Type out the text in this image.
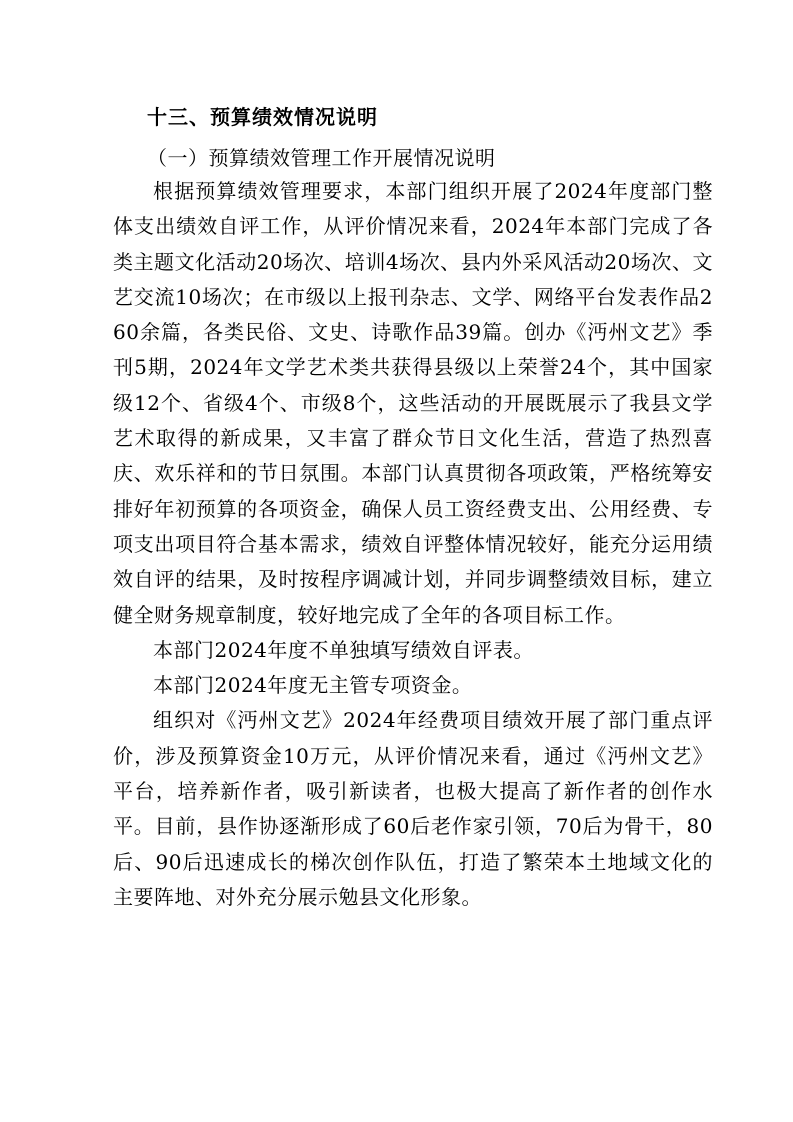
十三、预算绩效情况说明
（一）预算绩效管理工作开展情况说明

根据预算绩效管理要求，本部门组织开展了2024年度部门整体支出绩效自评工作，从评价情况来看，2024年本部门完成了各类主题文化活动20场次、培训4场次、县内外采风活动20场次、文艺交流10场次；在市级以上报刊杂志、文学、网络平台发表作品260余篇，各类民俗、文史、诗歌作品39篇。创办《沔州文艺》季刊5期，2024年文学艺术类共获得县级以上荣誉24个，其中国家级12个、省级4个、市级8个，这些活动的开展既展示了我县文学艺术取得的新成果，又丰富了群众节日文化生活，营造了热烈喜庆、欢乐祥和的节日氛围。本部门认真贯彻各项政策，严格统筹安排好年初预算的各项资金，确保人员工资经费支出、公用经费、专项支出项目符合基本需求，绩效自评整体情况较好，能充分运用绩效自评的结果，及时按程序调减计划，并同步调整绩效目标，建立健全财务规章制度，较好地完成了全年的各项目标工作。

本部门2024年度不单独填写绩效自评表。

本部门2024年度无主管专项资金。

组织对《沔州文艺》2024年经费项目绩效开展了部门重点评价，涉及预算资金10万元，从评价情况来看，通过《沔州文艺》平台，培养新作者，吸引新读者，也极大提高了新作者的创作水平。目前，县作协逐渐形成了60后老作家引领，70后为骨干，80后、90后迅速成长的梯次创作队伍，打造了繁荣本土地域文化的主要阵地、对外充分展示勉县文化形象。
